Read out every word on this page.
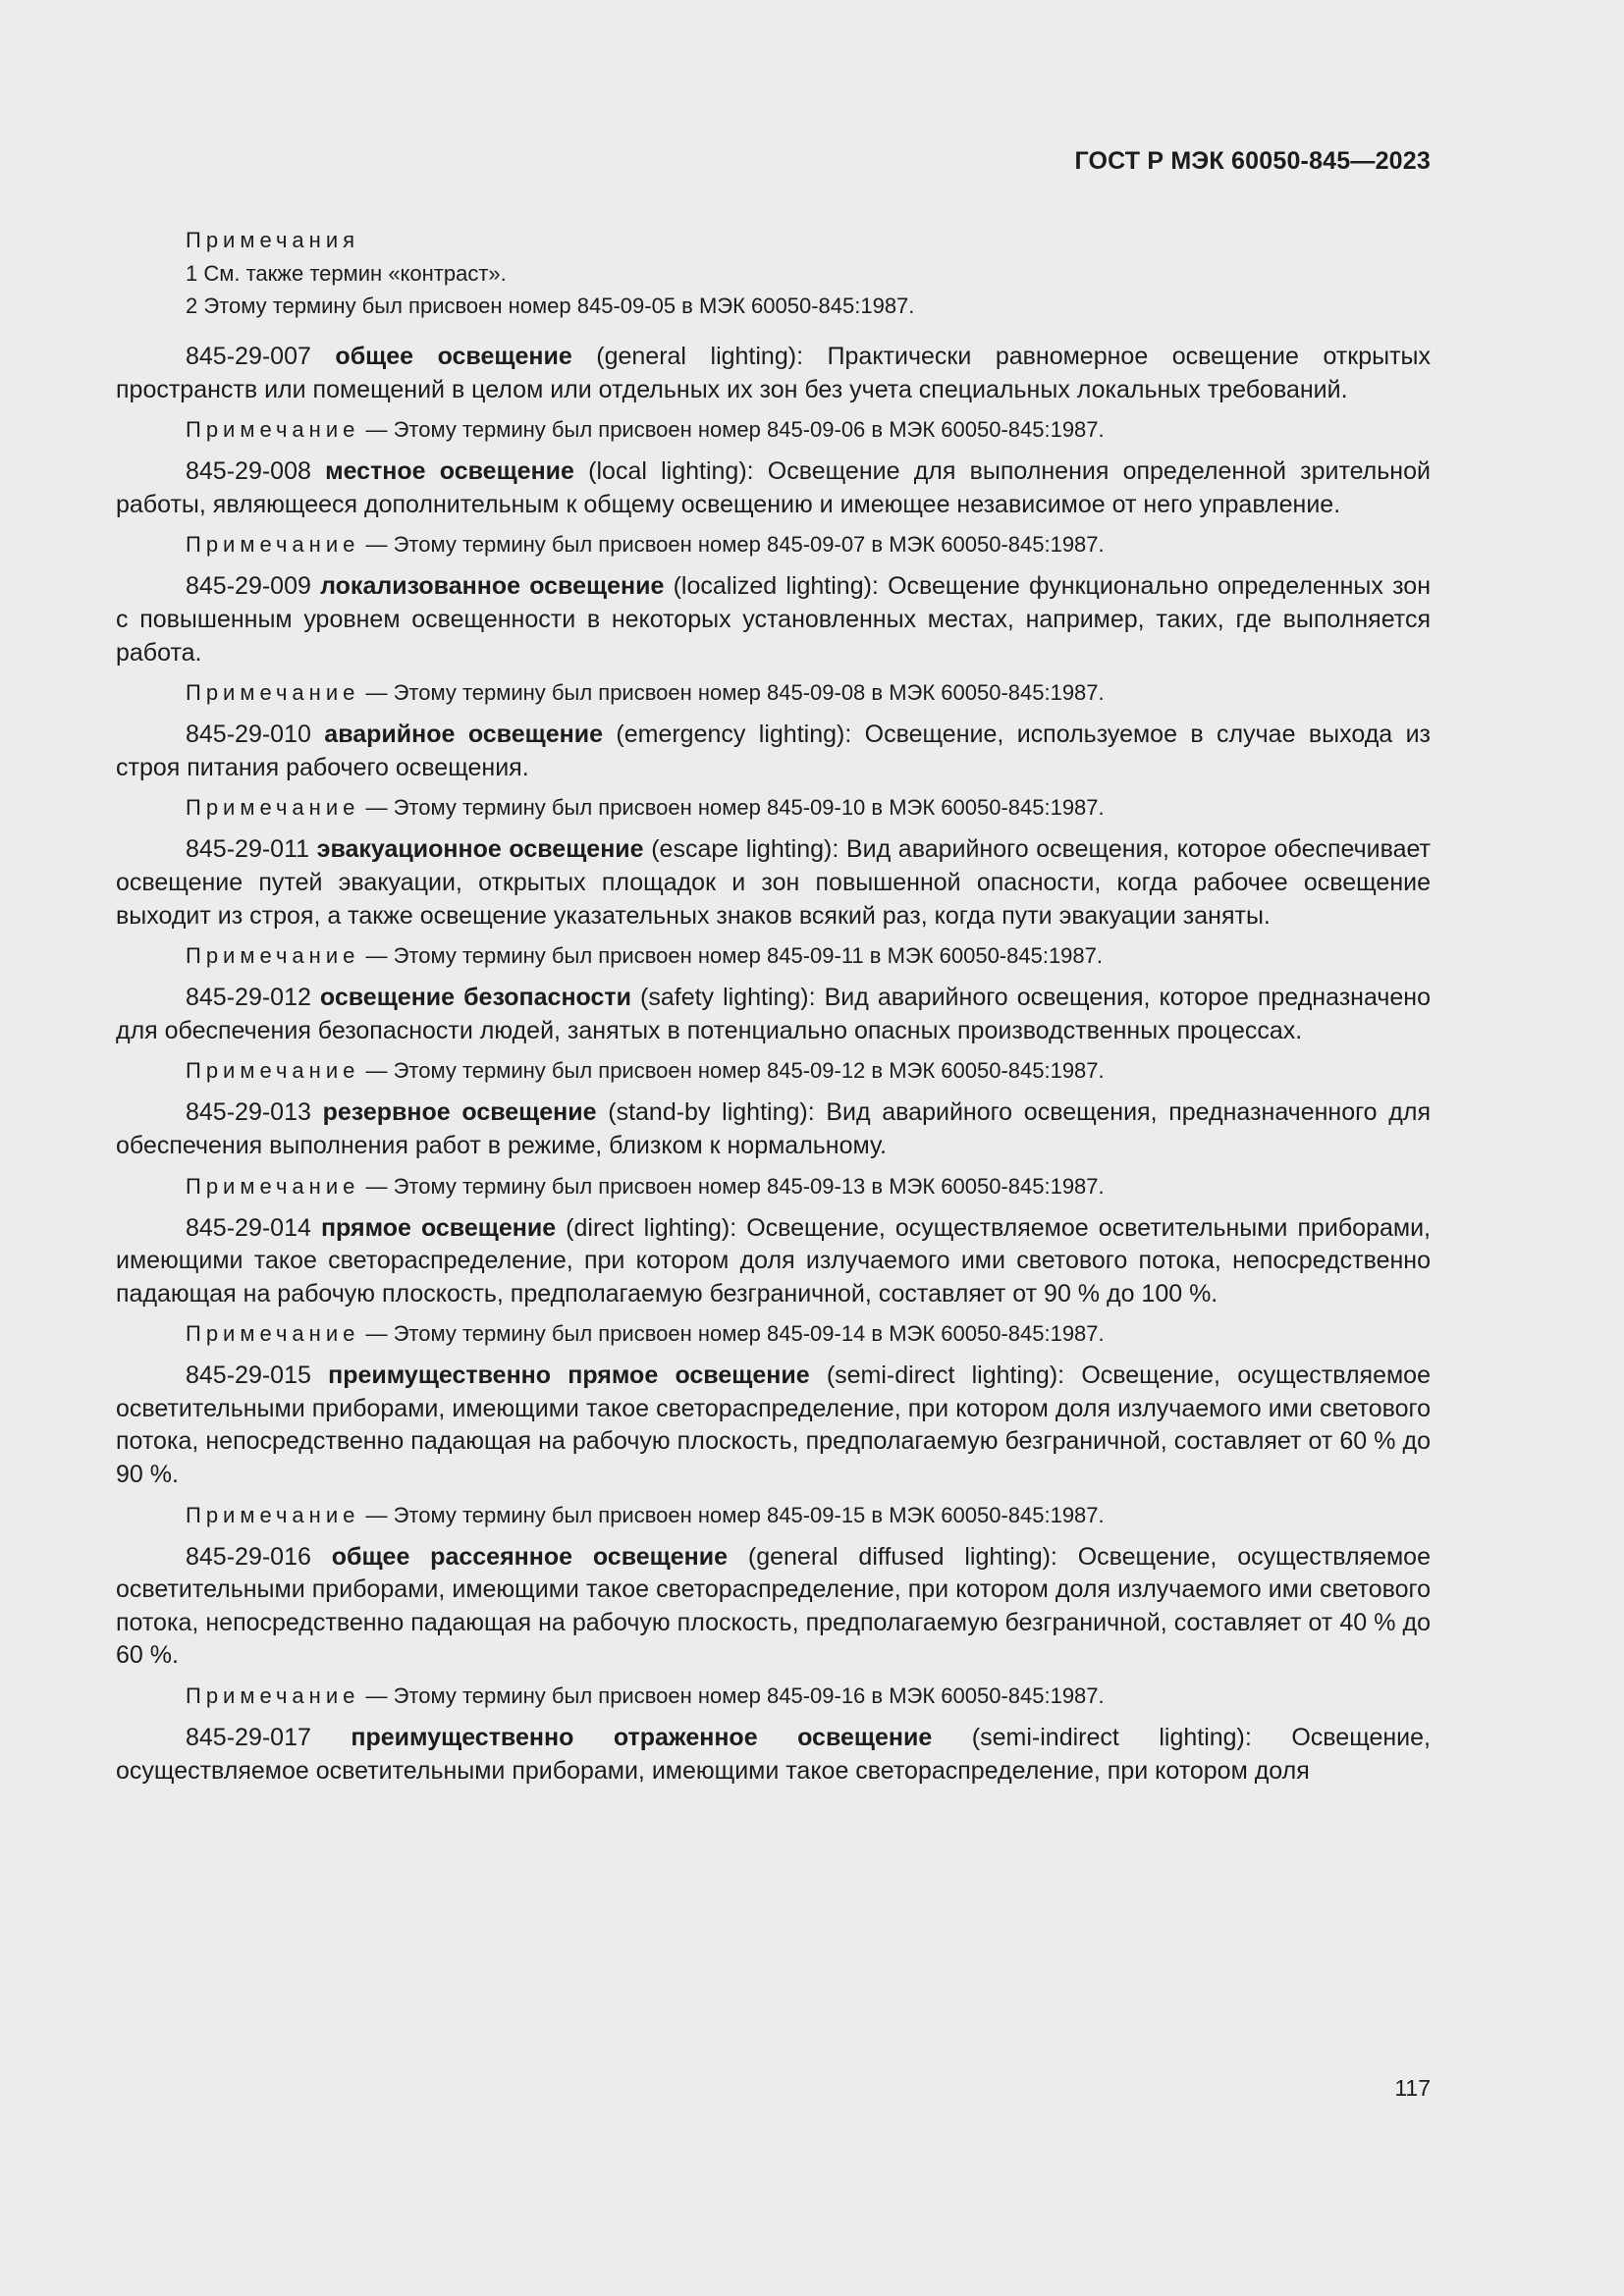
ГОСТ Р МЭК 60050-845—2023
Примечания
1 См. также термин «контраст».
2 Этому термину был присвоен номер 845-09-05 в МЭК 60050-845:1987.

845-29-007 общее освещение (general lighting): Практически равномерное освещение открытых пространств или помещений в целом или отдельных их зон без учета специальных локальных требований.

Примечание — Этому термину был присвоен номер 845-09-06 в МЭК 60050-845:1987.

845-29-008 местное освещение (local lighting): Освещение для выполнения определенной зрительной работы, являющееся дополнительным к общему освещению и имеющее независимое от него управление.

Примечание — Этому термину был присвоен номер 845-09-07 в МЭК 60050-845:1987.

845-29-009 локализованное освещение (localized lighting): Освещение функционально определенных зон с повышенным уровнем освещенности в некоторых установленных местах, например, таких, где выполняется работа.

Примечание — Этому термину был присвоен номер 845-09-08 в МЭК 60050-845:1987.

845-29-010 аварийное освещение (emergency lighting): Освещение, используемое в случае выхода из строя питания рабочего освещения.

Примечание — Этому термину был присвоен номер 845-09-10 в МЭК 60050-845:1987.

845-29-011 эвакуационное освещение (escape lighting): Вид аварийного освещения, которое обеспечивает освещение путей эвакуации, открытых площадок и зон повышенной опасности, когда рабочее освещение выходит из строя, а также освещение указательных знаков всякий раз, когда пути эвакуации заняты.

Примечание — Этому термину был присвоен номер 845-09-11 в МЭК 60050-845:1987.

845-29-012 освещение безопасности (safety lighting): Вид аварийного освещения, которое предназначено для обеспечения безопасности людей, занятых в потенциально опасных производственных процессах.

Примечание — Этому термину был присвоен номер 845-09-12 в МЭК 60050-845:1987.

845-29-013 резервное освещение (stand-by lighting): Вид аварийного освещения, предназначенного для обеспечения выполнения работ в режиме, близком к нормальному.

Примечание — Этому термину был присвоен номер 845-09-13 в МЭК 60050-845:1987.

845-29-014 прямое освещение (direct lighting): Освещение, осуществляемое осветительными приборами, имеющими такое светораспределение, при котором доля излучаемого ими светового потока, непосредственно падающая на рабочую плоскость, предполагаемую безграничной, составляет от 90 % до 100 %.

Примечание — Этому термину был присвоен номер 845-09-14 в МЭК 60050-845:1987.

845-29-015 преимущественно прямое освещение (semi-direct lighting): Освещение, осуществляемое осветительными приборами, имеющими такое светораспределение, при котором доля излучаемого ими светового потока, непосредственно падающая на рабочую плоскость, предполагаемую безграничной, составляет от 60 % до 90 %.

Примечание — Этому термину был присвоен номер 845-09-15 в МЭК 60050-845:1987.

845-29-016 общее рассеянное освещение (general diffused lighting): Освещение, осуществляемое осветительными приборами, имеющими такое светораспределение, при котором доля излучаемого ими светового потока, непосредственно падающая на рабочую плоскость, предполагаемую безграничной, составляет от 40 % до 60 %.

Примечание — Этому термину был присвоен номер 845-09-16 в МЭК 60050-845:1987.

845-29-017 преимущественно отраженное освещение (semi-indirect lighting): Освещение, осуществляемое осветительными приборами, имеющими такое светораспределение, при котором доля

117
